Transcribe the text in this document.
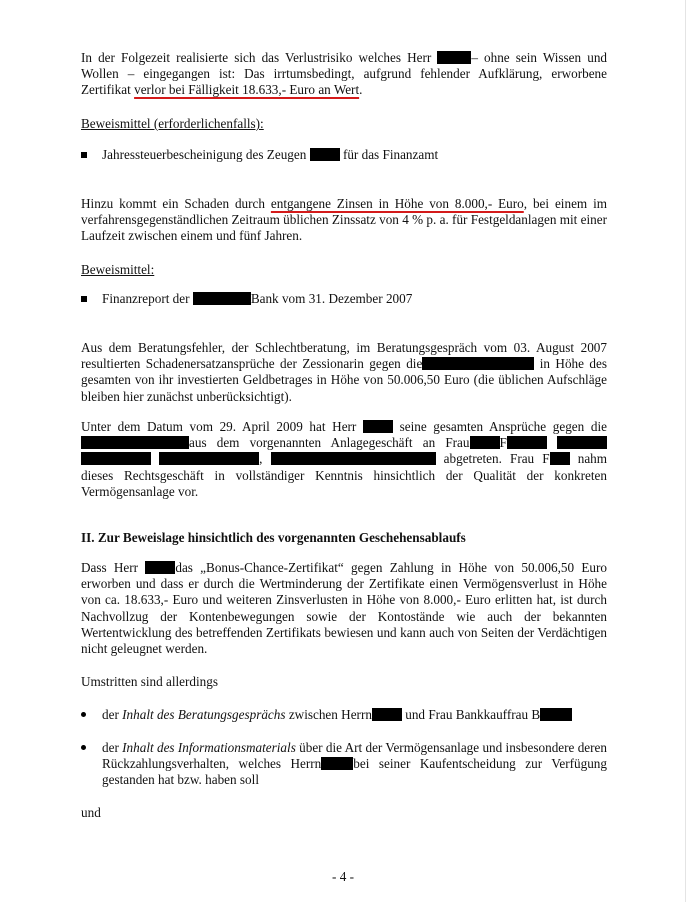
In der Folgezeit realisierte sich das Verlustrisiko welches Herr	– ohne sein Wissen und Wollen – eingegangen ist: Das irrtumsbedingt, aufgrund fehlender Aufklärung, erworbene Zertifikat verlor bei Fälligkeit 18.633,- Euro an Wert.
Beweismittel (erforderlichenfalls):
Jahressteuerbescheinigung des Zeugen  für das Finanzamt
Hinzu kommt ein Schaden durch entgangene Zinsen in Höhe von 8.000,- Euro, bei einem im verfahrensgegenständlichen Zeitraum üblichen Zinssatz von 4 % p. a. für Festgeldanlagen mit einer Laufzeit zwischen einem und fünf Jahren.
Beweismittel:
Finanzreport der	Bank vom 31. Dezember 2007
Aus dem Beratungsfehler, der Schlechtberatung, im Beratungsgespräch vom 03. August 2007 resultierten Schadenersatzansprüche der Zessionarin gegen die	in Höhe des gesamten von ihr investierten Geldbetrages in Höhe von 50.006,50 Euro (die üblichen Aufschläge bleiben hier zunächst unberücksichtigt).
Unter dem Datum vom 29. April 2009 hat Herr  seine gesamten Ansprüche gegen die aus dem vorgenannten Anlagegeschäft an Frau F   ,	abgetreten. Frau F nahm dieses Rechtsgeschäft in vollständiger Kenntnis hinsichtlich der Qualität der konkreten Vermögensanlage vor.
II. Zur Beweislage hinsichtlich des vorgenannten Geschehensablaufs
Dass Herr das „Bonus-Chance-Zertifikat“ gegen Zahlung in Höhe von 50.006,50 Euro erworben und dass er durch die Wertminderung der Zertifikate einen Vermögensverlust in Höhe von ca. 18.633,- Euro und weiteren Zinsverlusten in Höhe von 8.000,- Euro erlitten hat, ist durch Nachvollzug der Kontenbewegungen sowie der Kontostände wie auch der bekannten Wertentwicklung des betreffenden Zertifikats bewiesen und kann auch von Seiten der Verdächtigen nicht geleugnet werden.
Umstritten sind allerdings
der Inhalt des Beratungsgesprächs zwischen Herrn und Frau Bankkauffrau B
der Inhalt des Informationsmaterials über die Art der Vermögensanlage und insbesondere deren Rückzahlungsverhalten, welches Herrn bei seiner Kaufentscheidung zur Verfügung gestanden hat bzw. haben soll
und
- 4 -
